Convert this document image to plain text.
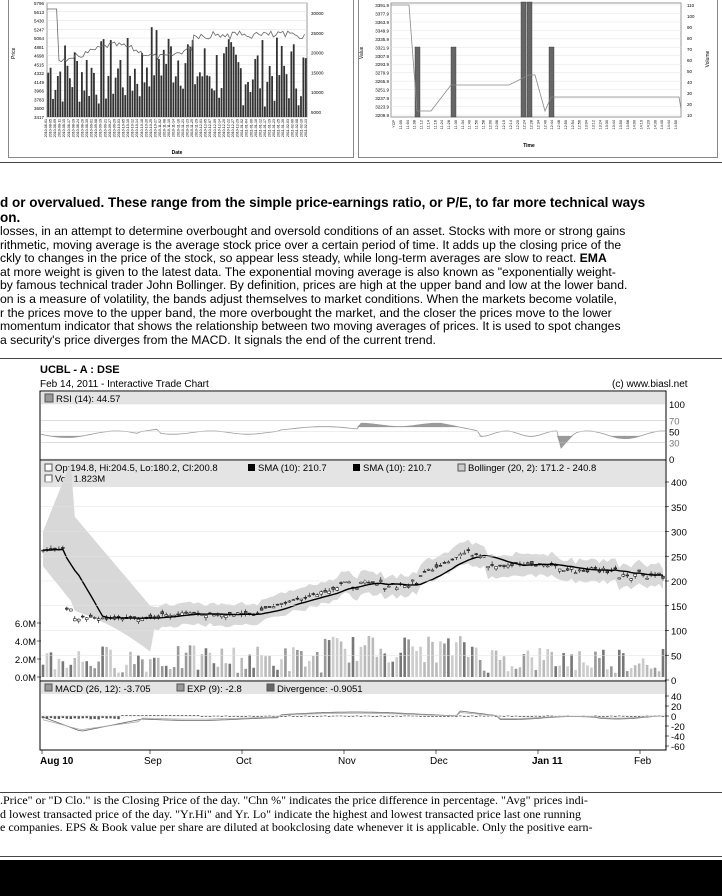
5796
5613
5430
5247
5064
4881
4698
4515
4332
4149
3966
3783
3600
3417
30000
25000
20000
15000
10000
5000
Price
Date
2010-08-01 2010-08-05 2010-08-09 2010-08-11 2010-08-15 2010-08-17 2010-08-19 2010-08-24 2010-08-26 2010-08-30 2010-09-01 2010-09-08 2010-09-19 2010-09-21 2010-09-27 2010-09-29 2010-10-03 2010-10-05 2010-10-10 2010-10-12 2010-10-14 2010-10-18 2010-10-20 2010-10-25 2010-10-27 2010-11-02 2010-11-08 2010-11-10 2010-11-14 2010-11-16 2010-11-21 2010-11-23 2010-11-25 2010-11-29 2010-12-01 2010-12-05 2010-12-07 2010-12-09 2010-12-14 2010-12-20 2010-12-22 2010-12-27 2010-12-29 2011-01-02 2011-01-04 2011-01-06 2011-01-10 2011-01-12 2011-01-17 2011-01-19 2011-01-23 2011-01-25 2011-01-30 2011-02-03 2011-02-06 2011-02-08 2011-02-10 2011-02-13
3391.9
3377.9
3363.9
3349.9
3335.9
3321.9
3307.9
3293.9
3279.9
3265.9
3251.9
3237.9
3223.9
3209.9
110
100
90
80
70
60
50
40
30
20
10
Value	Volume
Time
YCP 11:00 11:04 11:08 11:12 11:14 11:16 11:24 11:28 11:30 11:34 11:40 11:50 11:58 12:00 12:06 12:10 12:14 12:20 12:24 12:28 12:34 12:40 12:44 12:48 12:50 12:54 12:56 13:04 13:12 13:24 13:30 13:44 13:50 13:58 14:00 14:10 14:20 14:30 14:40 14:44 14:50

d or overvalued. These range from the simple price-earnings ratio, or P/E, to far more technical ways

on.

losses, in an attempt to determine overbought and oversold conditions of an asset. Stocks with more or strong gains

rithmetic, moving average is the average stock price over a certain period of time. It adds up the closing price of the

ckly to changes in the price of the stock, so appear less steady, while long-term averages are slow to react. EMA

at more weight is given to the latest data. The exponential moving average is also known as "exponentially weight-

by famous technical trader John Bollinger. By definition, prices are high at the upper band and low at the lower band.

on is a measure of volatility, the bands adjust themselves to market conditions. When the markets become volatile,

r the prices move to the upper band, the more overbought the market, and the closer the prices move to the lower

momentum indicator that shows the relationship between two moving averages of prices. It is used to spot changes

a security's price diverges from the MACD. It signals the end of the current trend.

UCBL - A : DSE
Feb 14, 2011 - Interactive Trade Chart	(c) www.biasl.net
RSI (14): 44.57
100
70
50
30
0
Op:194.8, Hi:204.5, Lo:180.2, Cl:200.8
Vol: 1.823M
SMA (10): 210.7	SMA (10): 210.7	Bollinger (20, 2): 171.2 - 240.8
400
350
300
250
200
150
100
50
0
6.0M
4.0M
2.0M
0.0M
MACD (26, 12): -3.705	EXP (9): -2.8	Divergence: -0.9051
40
20
0
-20
-40
-60
Aug 10	Sep	Oct	Nov	Dec	Jan 11	Feb

.Price" or "D Clo." is the Closing Price of the day. "Chn %" indicates the price difference in percentage. "Avg" prices indi-

d lowest transacted price of the day. "Yr.Hi" and Yr. Lo" indicate the highest and lowest transacted price last one running

e companies. EPS & Book value per share are diluted at bookclosing date whenever it is applicable. Only the positive earn-
